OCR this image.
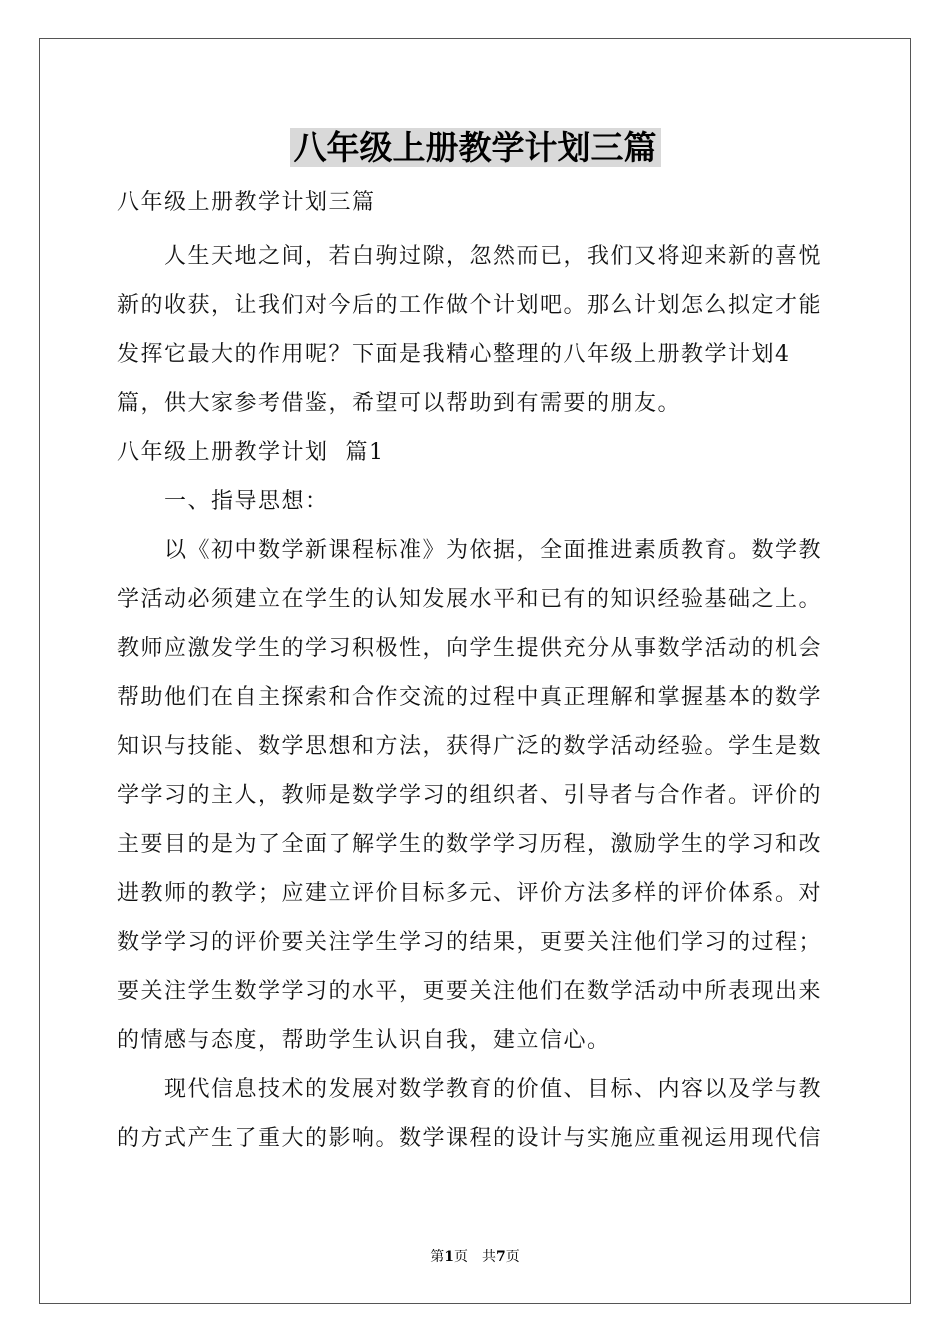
八年级上册教学计划三篇

八年级上册教学计划三篇

人生天地之间，若白驹过隙，忽然而已，我们又将迎来新的喜悦新的收获，让我们对今后的工作做个计划吧。那么计划怎么拟定才能发挥它最大的作用呢？下面是我精心整理的八年级上册教学计划4篇，供大家参考借鉴，希望可以帮助到有需要的朋友。

八年级上册教学计划  篇1

一、指导思想：

以《初中数学新课程标准》为依据，全面推进素质教育。数学教学活动必须建立在学生的认知发展水平和已有的知识经验基础之上。教师应激发学生的学习积极性，向学生提供充分从事数学活动的机会帮助他们在自主探索和合作交流的过程中真正理解和掌握基本的数学知识与技能、数学思想和方法，获得广泛的数学活动经验。学生是数学学习的主人，教师是数学学习的组织者、引导者与合作者。评价的主要目的是为了全面了解学生的数学学习历程，激励学生的学习和改进教师的教学；应建立评价目标多元、评价方法多样的评价体系。对数学学习的评价要关注学生学习的结果，更要关注他们学习的过程；要关注学生数学学习的水平，更要关注他们在数学活动中所表现出来的情感与态度，帮助学生认识自我，建立信心。

现代信息技术的发展对数学教育的价值、目标、内容以及学与教的方式产生了重大的影响。数学课程的设计与实施应重视运用现代信

第1页　共7页
